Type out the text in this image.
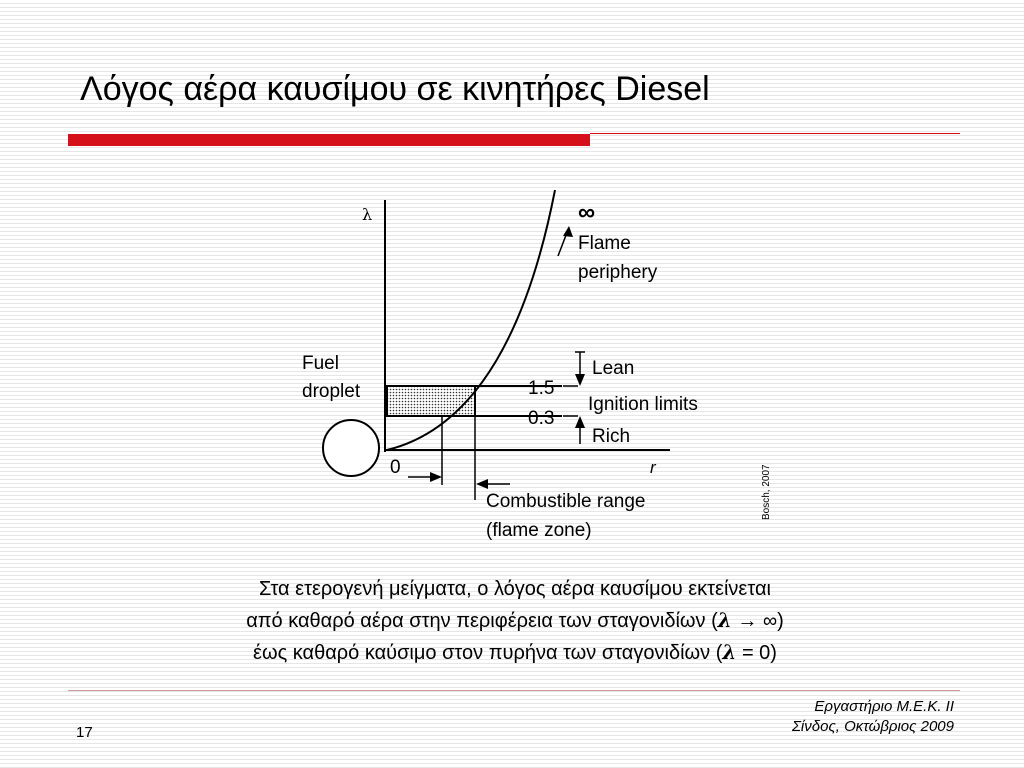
Λόγος αέρα καυσίμου σε κινητήρες Diesel
λ	∞
Flame
periphery
Fuel
droplet	1.5
0.3
Lean
Ignition limits
Rich
0	r
Combustible range
(flame zone)
Bosch, 2007
Στα ετερογενή μείγματα, ο λόγος αέρα καυσίμου εκτείνεται
από καθαρό αέρα στην περιφέρεια των σταγονιδίων (λ → ∞)
έως καθαρό καύσιμο στον πυρήνα των σταγονιδίων (λ = 0)
Εργαστήριο Μ.Ε.Κ. ΙΙ
Σίνδος, Οκτώβριος 2009
17
